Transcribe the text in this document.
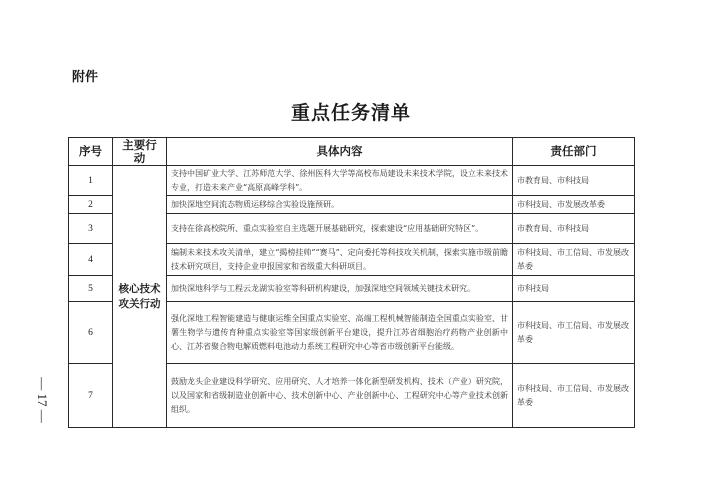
附件
重点任务清单
— 17 —
序号	主要行动	具体内容	责任部门
1	核心技术攻关行动	支持中国矿业大学、江苏师范大学、徐州医科大学等高校布局建设未来技术学院，设立未来技术专业，打造未来产业“高原高峰学科”。	市教育局、市科技局
2		加快深地空间流态物质运移综合实验设施预研。	市科技局、市发展改革委
3		支持在徐高校院所、重点实验室自主选题开展基础研究，探索建设“应用基础研究特区”。	市教育局、市科技局
4		编制未来技术攻关清单，建立“揭榜挂帅”“赛马”、定向委托等科技攻关机制，探索实施市级前瞻技术研究项目，支持企业申报国家和省级重大科研项目。	市科技局、市工信局、市发展改革委
5		加快深地科学与工程云龙湖实验室等科研机构建设，加强深地空间领域关键技术研究。	市科技局
6		强化深地工程智能建造与健康运维全国重点实验室、高端工程机械智能制造全国重点实验室、甘薯生物学与遗传育种重点实验室等国家级创新平台建设，提升江苏省细胞治疗药物产业创新中心、江苏省聚合物电解质燃料电池动力系统工程研究中心等省市级创新平台能级。	市科技局、市工信局、市发展改革委
7		鼓励龙头企业建设科学研究、应用研究、人才培养一体化新型研发机构、技术（产业）研究院，以及国家和省级制造业创新中心、技术创新中心、产业创新中心、工程研究中心等产业技术创新组织。	市科技局、市工信局、市发展改革委
